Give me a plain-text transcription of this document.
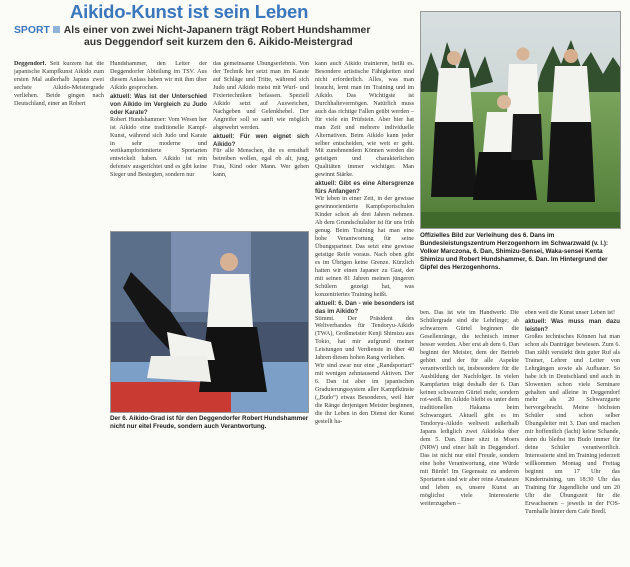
Aikido-Kunst ist sein Leben
SPORT Als einer von zwei Nicht-Japanern trägt Robert Hundshammer
aus Deggendorf seit kurzem den 6. Aikido-Meistergrad

Deggendorf. Seit kurzem hat die japanische Kampfkunst Aikido zum ersten Mal außerhalb Japans zwei sechste Aikido-Meistergrade verliehen. Beide gingen nach Deutschland, einer an Robert

Hundshammer, den Leiter der Deggendorfer Abteilung im TSV. Aus diesem Anlass haben wir mit ihm über Aikido gesprochen.

aktuell: Was ist der Unterschied von Aikido im Vergleich zu Judo oder Karate?

Robert Hundshammer: Vom Wesen her ist Aikido eine traditionelle Kampf-Kunst, während sich Judo und Karate in sehr moderne und wettkampforientierte Sportarten entwickelt haben. Aikido ist rein defensiv ausgerichtet und es gibt keine Sieger und Besiegten, sondern nur

das gemeinsame Übungserlebnis. Von der Technik her setzt man im Karate auf Schläge und Tritte, während sich Judo und Aikido meist mit Wurf- und Fixiertechniken befassen. Speziell Aikido setzt auf Ausweichen, Nachgeben und Gelenkhebel. Der Angreifer soll so sanft wie möglich abgewehrt werden.

aktuell: Für wen eignet sich Aikido?

Für alle Menschen, die es ernsthaft betreiben wollen, egal ob alt, jung, Frau, Kind oder Mann. Wer gehen kann,

kann auch Aikido trainieren, heißt es. Besondere artistische Fähigkeiten sind nicht erforderlich. Alles, was man braucht, lernt man im Training und im Aikido. Das Wichtigste ist Durchhaltevermögen. Natürlich muss auch das richtige Fallen geübt werden – für viele ein Prüfstein. Aber hier hat man Zeit und mehrere individuelle Alternativen. Beim Aikido kann jeder selber entscheiden, wie weit er geht. Mit zunehmendem Können werden die geistigen und charakterlichen Qualitäten immer wichtiger. Man gewinnt Stärke.

aktuell: Gibt es eine Altersgrenze fürs Anfangen?

Wir leben in einer Zeit, in der gewisse gewinnorientierte Kampfsportschulen Kinder schon ab drei Jahren nehmen. Ab dem Grundschulalter ist für uns früh genug. Beim Training hat man eine hohe Verantwortung für seine Übungspartner. Das setzt eine gewisse geistige Reife voraus. Nach oben gibt es im Übrigen keine Grenze. Kürzlich hatten wir einen Japaner zu Gast, der mit seinen 81 Jahren meinen jüngeren Schülern gezeigt hat, was konzentriertes Training heißt.

aktuell: 6. Dan - wie besonders ist das im Aikido?

Stimmt. Der Präsident des Weltverbandes für Tendoryu-Aikido (TWA), Großmeister Kenji Shimizu aus Tokio, hat mir aufgrund meiner Leistungen und Verdienste in über 40 Jahren diesen hohen Rang verliehen.

Wir sind zwar nur eine „Randsportart“ mit wenigen zehntausend Aktiven. Der 6. Dan ist aber im japanischen Graduierungssystem aller Kampfkünste („Budo“) etwas Besonderes, weil hier die Ränge derjenigen Meister beginnen, die ihr Leben in den Dienst der Kunst gestellt ha-

ben. Das ist wie im Handwerk: Die Schülergrade sind die Lehrlinge; ab schwarzem Gürtel beginnen die Gesellenränge, die technisch immer besser werden. Aber erst ab dem 6. Dan beginnt der Meister, dem der Betrieb gehört und der für alle Aspekte verantwortlich ist, insbesondere für die Ausbildung der Nachfolger. In vielen Kampfarten trägt deshalb der 6. Dan keinen schwarzen Gürtel mehr, sondern rot-weiß. Im Aikido bleibt es unter dem traditionellen Hakama beim Schwarzgurt. Aktuell gibt es im Tendoryu-Aikido weltweit außerhalb Japans lediglich zwei Aikidoka über dem 5. Dan. Einer sitzt in Moers (NRW) und einer hält in Deggendorf. Das ist nicht nur eitel Freude, sondern eine hohe Verantwortung, eine Würde mit Bürde! Im Gegensatz zu anderen Sportarten sind wir aber reine Amateure und leben es, unsere Kunst an möglichst viele Interessierte weiterzugeben –

eben weil die Kunst unser Leben ist!

aktuell: Was muss man dazu leisten?

Großes technisches Können hat man schon als Danträger bewiesen. Zum 6. Dan zählt verstärkt dein guter Ruf als Trainer, Lehrer und Leiter von Lehrgängen sowie als Aufbauer. So habe ich in Deutschland und auch in Slowenien schon viele Seminare gehalten und alleine in Deggendorf mehr als 20 Schwarzgurte hervorgebracht. Meine höchsten Schüler sind schon selber Übungsleiter mit 3. Dan und machen mir hoffentlich (lacht) keine Schande, denn du bleibst im Budo immer für deine Schüler verantwortlich. Interessierte sind im Training jederzeit willkommen Montag und Freitag beginnt um 17 Uhr das Kindertraining, um 18:30 Uhr das Training für Jugendliche und um 20 Uhr die Übungszeit für die Erwachsenen – jeweils in der FOS-Turnhalle hinter dem Cafe Bredl.

Offizielles Bild zur Verleihung des 6. Dans im Bundesleistungszentrum Herzogenhorn im Schwarzwald (v. l.): Volker Marczona, 6. Dan, Shimizu-Sensei, Waka-sensei Kenta Shimizu und Robert Hundshammer, 6. Dan. Im Hintergrund der Gipfel des Herzogenhorns.
Der 6. Aikido-Grad ist für den Deggendorfer Robert Hundshammer nicht nur eitel Freude, sondern auch Verantwortung.
